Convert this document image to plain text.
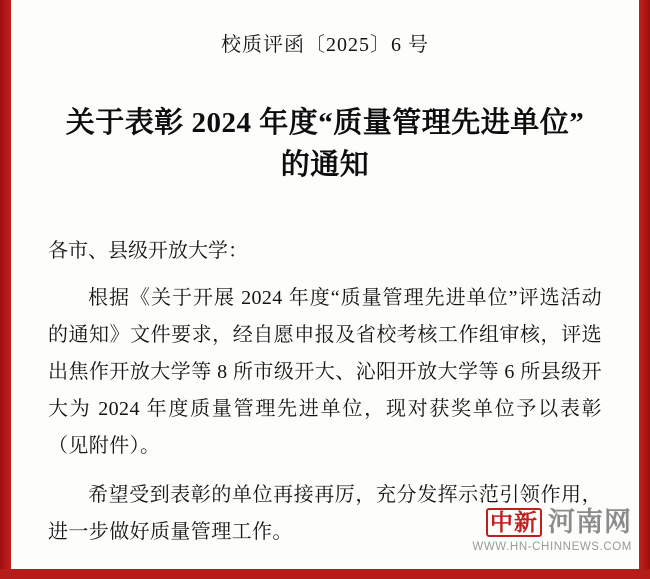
校质评函〔2025〕6 号
关于表彰 2024 年度“质量管理先进单位”
的通知
各市、县级开放大学：
根据《关于开展 2024 年度“质量管理先进单位”评选活动的通知》文件要求，经自愿申报及省校考核工作组审核，评选出焦作开放大学等 8 所市级开大、沁阳开放大学等 6 所县级开大为 2024 年度质量管理先进单位，现对获奖单位予以表彰（见附件）。
希望受到表彰的单位再接再厉，充分发挥示范引领作用，进一步做好质量管理工作。	中新 河南网
WWW.HN-CHINNEWS.COM
